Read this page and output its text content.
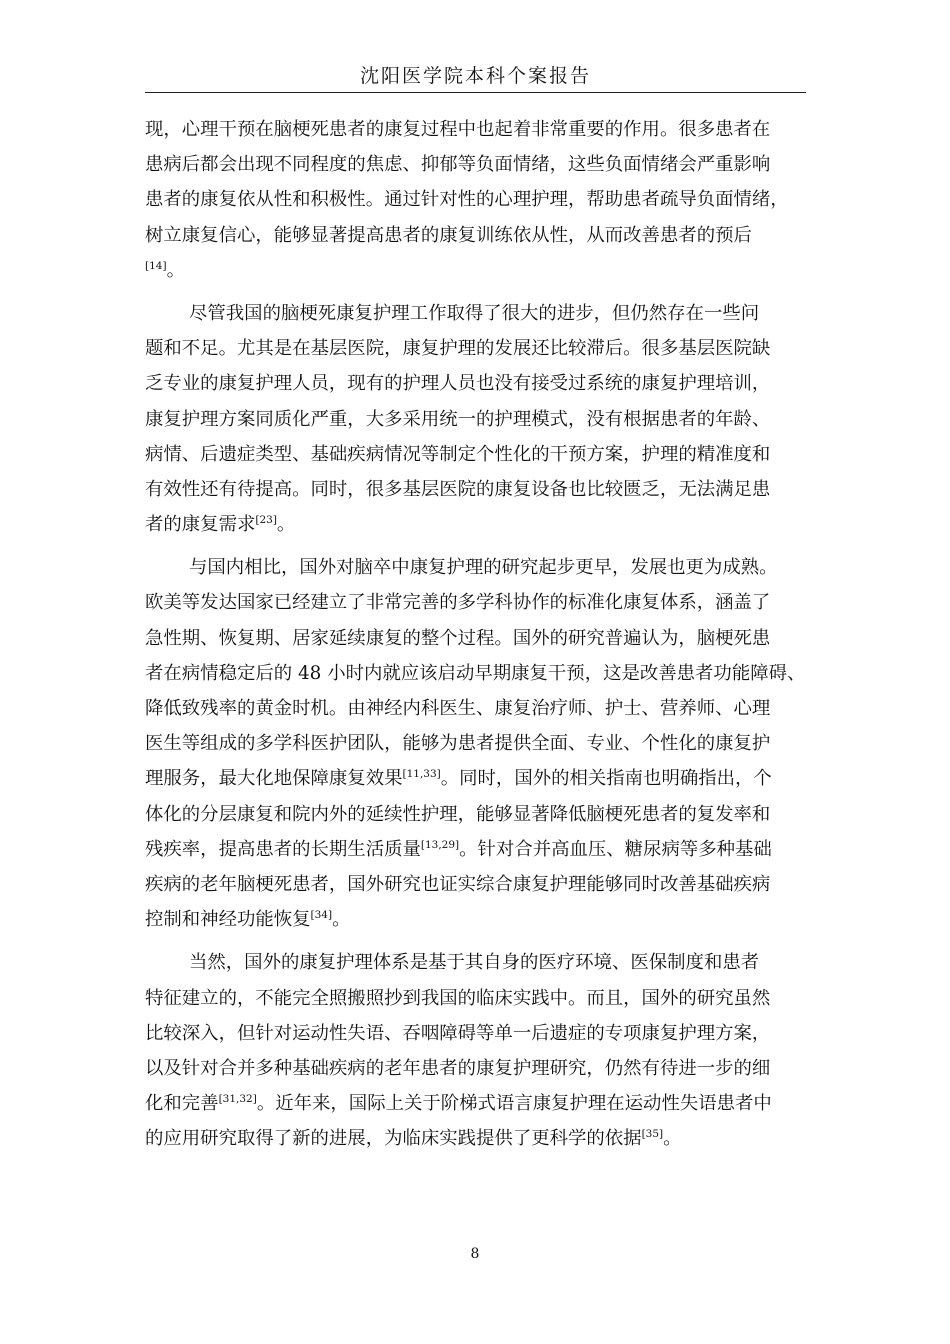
沈阳医学院本科个案报告
现，心理干预在脑梗死患者的康复过程中也起着非常重要的作用。很多患者在
患病后都会出现不同程度的焦虑、抑郁等负面情绪，这些负面情绪会严重影响
患者的康复依从性和积极性。通过针对性的心理护理，帮助患者疏导负面情绪，
树立康复信心，能够显著提高患者的康复训练依从性，从而改善患者的预后
[14]。
尽管我国的脑梗死康复护理工作取得了很大的进步，但仍然存在一些问
题和不足。尤其是在基层医院，康复护理的发展还比较滞后。很多基层医院缺
乏专业的康复护理人员，现有的护理人员也没有接受过系统的康复护理培训，
康复护理方案同质化严重，大多采用统一的护理模式，没有根据患者的年龄、
病情、后遗症类型、基础疾病情况等制定个性化的干预方案，护理的精准度和
有效性还有待提高。同时，很多基层医院的康复设备也比较匮乏，无法满足患
者的康复需求[23]。
与国内相比，国外对脑卒中康复护理的研究起步更早，发展也更为成熟。
欧美等发达国家已经建立了非常完善的多学科协作的标准化康复体系，涵盖了
急性期、恢复期、居家延续康复的整个过程。国外的研究普遍认为，脑梗死患
者在病情稳定后的 48 小时内就应该启动早期康复干预，这是改善患者功能障碍、
降低致残率的黄金时机。由神经内科医生、康复治疗师、护士、营养师、心理
医生等组成的多学科医护团队，能够为患者提供全面、专业、个性化的康复护
理服务，最大化地保障康复效果[11,33]。同时，国外的相关指南也明确指出，个
体化的分层康复和院内外的延续性护理，能够显著降低脑梗死患者的复发率和
残疾率，提高患者的长期生活质量[13,29]。针对合并高血压、糖尿病等多种基础
疾病的老年脑梗死患者，国外研究也证实综合康复护理能够同时改善基础疾病
控制和神经功能恢复[34]。
当然，国外的康复护理体系是基于其自身的医疗环境、医保制度和患者
特征建立的，不能完全照搬照抄到我国的临床实践中。而且，国外的研究虽然
比较深入，但针对运动性失语、吞咽障碍等单一后遗症的专项康复护理方案，
以及针对合并多种基础疾病的老年患者的康复护理研究，仍然有待进一步的细
化和完善[31,32]。近年来，国际上关于阶梯式语言康复护理在运动性失语患者中
的应用研究取得了新的进展，为临床实践提供了更科学的依据[35]。
8
